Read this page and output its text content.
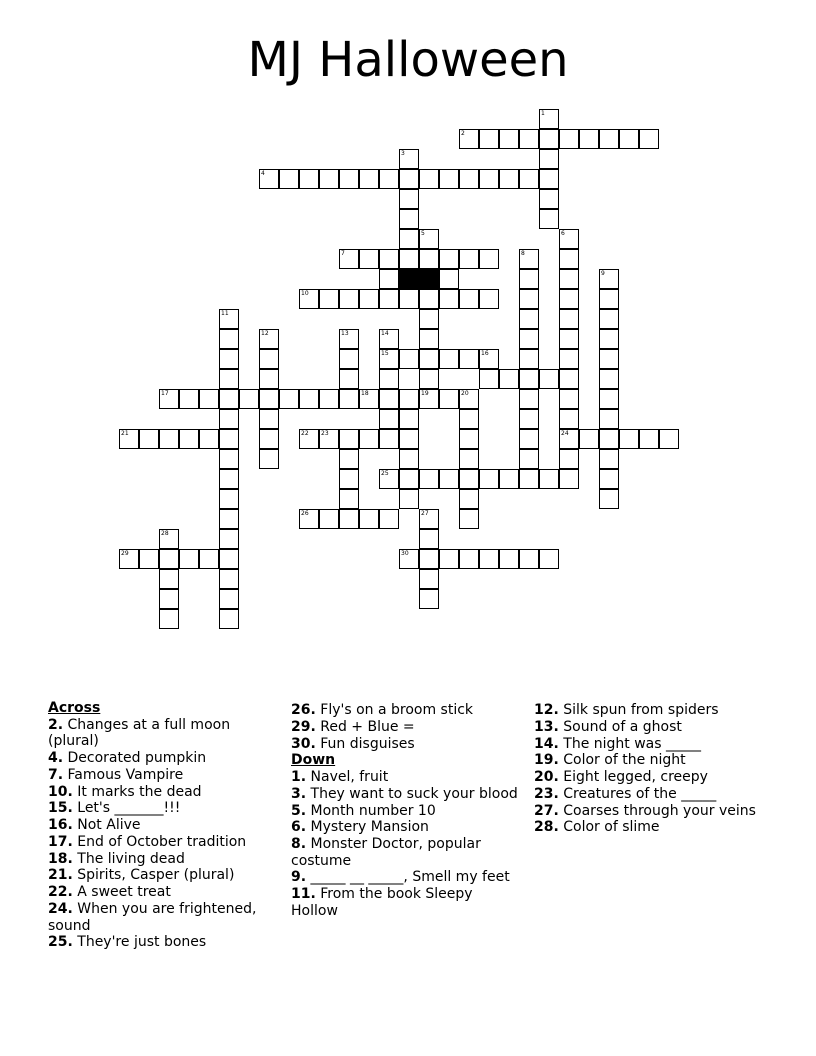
MJ Halloween
1
2
3
4
5	6
7	8
9
10
11
12	13	14
15	16
17	18	19	20
21	22 23	24
25
26	27
28
29	30
Across
2. Changes at a full moon (plural)
4. Decorated pumpkin
7. Famous Vampire
10. It marks the dead
15. Let's _______!!!
16. Not Alive
17. End of October tradition
18. The living dead
21. Spirits, Casper (plural)
22. A sweet treat
24. When you are frightened, sound
25. They're just bones
26. Fly's on a broom stick
29. Red + Blue =
30. Fun disguises
Down
1. Navel, fruit
3. They want to suck your blood
5. Month number 10
6. Mystery Mansion
8. Monster Doctor, popular costume
9. _____ __ _____, Smell my feet
11. From the book Sleepy Hollow
12. Silk spun from spiders
13. Sound of a ghost
14. The night was _____
19. Color of the night
20. Eight legged, creepy
23. Creatures of the _____
27. Coarses through your veins
28. Color of slime
